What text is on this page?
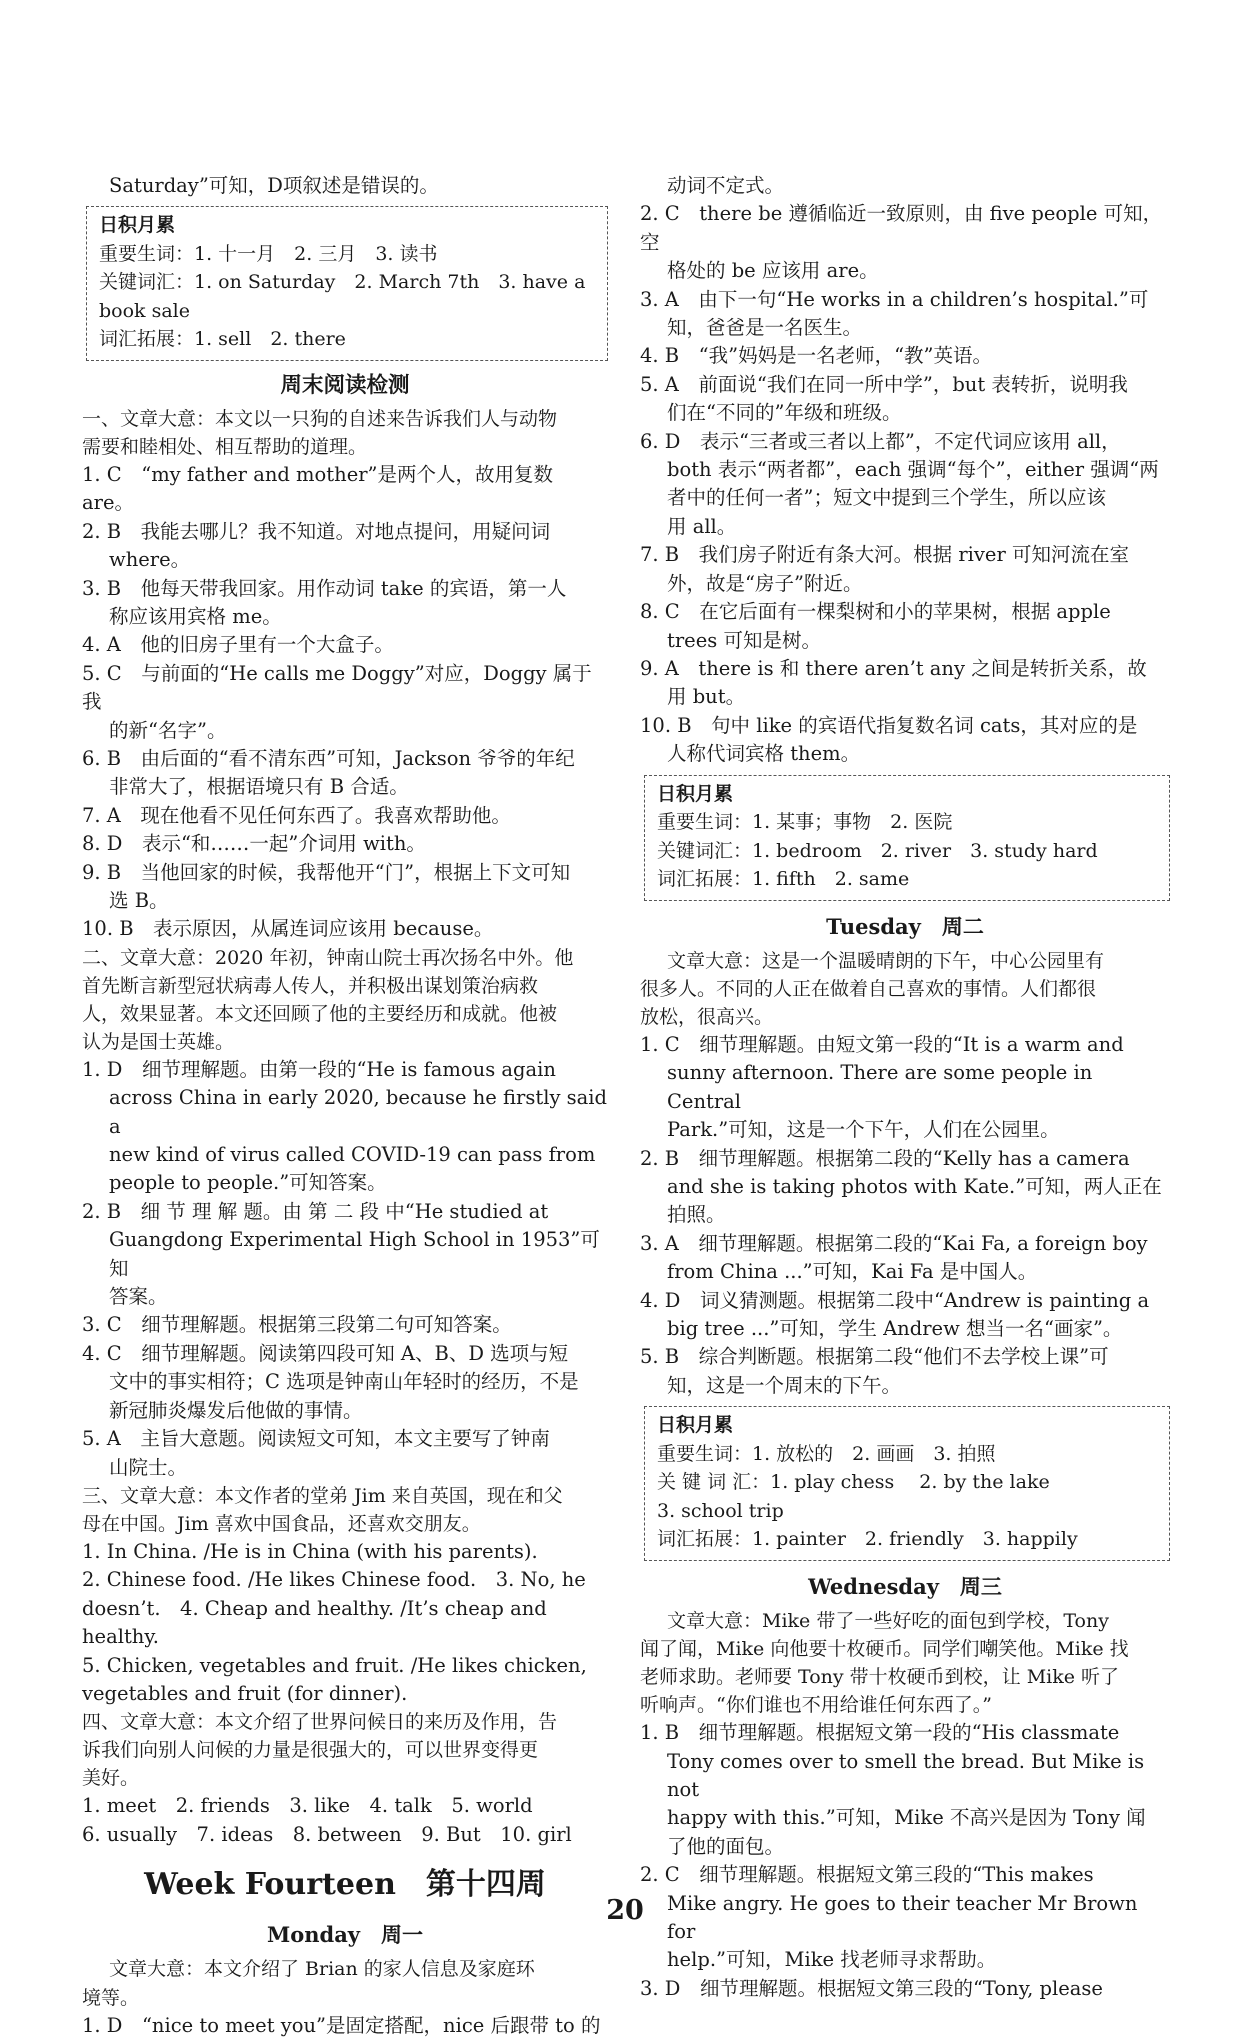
Saturday”可知，D项叙述是错误的。

日积月累

重要生词：1. 十一月　2. 三月　3. 读书

关键词汇：1. on Saturday　2. March 7th　3. have a

book sale

词汇拓展：1. sell　2. there

周末阅读检测

一、文章大意：本文以一只狗的自述来告诉我们人与动物

需要和睦相处、相互帮助的道理。

1. C　“my father and mother”是两个人，故用复数 are。

2. B　我能去哪儿？我不知道。对地点提问，用疑问词

where。

3. B　他每天带我回家。用作动词 take 的宾语，第一人

称应该用宾格 me。

4. A　他的旧房子里有一个大盒子。

5. C　与前面的“He calls me Doggy”对应，Doggy 属于我

的新“名字”。

6. B　由后面的“看不清东西”可知，Jackson 爷爷的年纪

非常大了，根据语境只有 B 合适。

7. A　现在他看不见任何东西了。我喜欢帮助他。

8. D　表示“和……一起”介词用 with。

9. B　当他回家的时候，我帮他开“门”，根据上下文可知

选 B。

10. B　表示原因，从属连词应该用 because。

二、文章大意：2020 年初，钟南山院士再次扬名中外。他

首先断言新型冠状病毒人传人，并积极出谋划策治病救

人，效果显著。本文还回顾了他的主要经历和成就。他被

认为是国士英雄。

1. D　细节理解题。由第一段的“He is famous again

across China in early 2020, because he firstly said a

new kind of virus called COVID-19 can pass from

people to people.”可知答案。

2. B　细 节 理 解 题。由 第 二 段 中“He studied at

Guangdong Experimental High School in 1953”可知

答案。

3. C　细节理解题。根据第三段第二句可知答案。

4. C　细节理解题。阅读第四段可知 A、B、D 选项与短

文中的事实相符；C 选项是钟南山年轻时的经历，不是

新冠肺炎爆发后他做的事情。

5. A　主旨大意题。阅读短文可知，本文主要写了钟南

山院士。

三、文章大意：本文作者的堂弟 Jim 来自英国，现在和父

母在中国。Jim 喜欢中国食品，还喜欢交朋友。

1. In China. /He is in China (with his parents).

2. Chinese food. /He likes Chinese food.　3. No, he

doesn’t.　4. Cheap and healthy. /It’s cheap and healthy.

5. Chicken, vegetables and fruit. /He likes chicken,

vegetables and fruit (for dinner).

四、文章大意：本文介绍了世界问候日的来历及作用，告

诉我们向别人问候的力量是很强大的，可以世界变得更

美好。

1. meet　2. friends　3. like　4. talk　5. world

6. usually　7. ideas　8. between　9. But　10. girl

Week Fourteen　第十四周
Monday　周一

文章大意：本文介绍了 Brian 的家人信息及家庭环

境等。

1. D　“nice to meet you”是固定搭配，nice 后跟带 to 的

动词不定式。

2. C　there be 遵循临近一致原则，由 five people 可知，空

格处的 be 应该用 are。

3. A　由下一句“He works in a children’s hospital.”可

知，爸爸是一名医生。

4. B　“我”妈妈是一名老师，“教”英语。

5. A　前面说“我们在同一所中学”，but 表转折，说明我

们在“不同的”年级和班级。

6. D　表示“三者或三者以上都”，不定代词应该用 all，

both 表示“两者都”，each 强调“每个”，either 强调“两

者中的任何一者”；短文中提到三个学生，所以应该

用 all。

7. B　我们房子附近有条大河。根据 river 可知河流在室

外，故是“房子”附近。

8. C　在它后面有一棵梨树和小的苹果树，根据 apple

trees 可知是树。

9. A　there is 和 there aren’t any 之间是转折关系，故

用 but。

10. B　句中 like 的宾语代指复数名词 cats，其对应的是

人称代词宾格 them。

日积月累

重要生词：1. 某事；事物　2. 医院

关键词汇：1. bedroom　2. river　3. study hard

词汇拓展：1. fifth　2. same

Tuesday　周二

文章大意：这是一个温暖晴朗的下午，中心公园里有

很多人。不同的人正在做着自己喜欢的事情。人们都很

放松，很高兴。

1. C　细节理解题。由短文第一段的“It is a warm and

sunny afternoon. There are some people in Central

Park.”可知，这是一个下午，人们在公园里。

2. B　细节理解题。根据第二段的“Kelly has a camera

and she is taking photos with Kate.”可知，两人正在

拍照。

3. A　细节理解题。根据第二段的“Kai Fa, a foreign boy

from China ...”可知，Kai Fa 是中国人。

4. D　词义猜测题。根据第二段中“Andrew is painting a

big tree ...”可知，学生 Andrew 想当一名“画家”。

5. B　综合判断题。根据第二段“他们不去学校上课”可

知，这是一个周末的下午。

日积月累

重要生词：1. 放松的　2. 画画　3. 拍照

关 键 词 汇：1. play chess　 2. by the lake

3. school trip

词汇拓展：1. painter　2. friendly　3. happily

Wednesday　周三

文章大意：Mike 带了一些好吃的面包到学校，Tony

闻了闻，Mike 向他要十枚硬币。同学们嘲笑他。Mike 找

老师求助。老师要 Tony 带十枚硬币到校，让 Mike 听了

听响声。“你们谁也不用给谁任何东西了。”

1. B　细节理解题。根据短文第一段的“His classmate

Tony comes over to smell the bread. But Mike is not

happy with this.”可知，Mike 不高兴是因为 Tony 闻

了他的面包。

2. C　细节理解题。根据短文第三段的“This makes

Mike angry. He goes to their teacher Mr Brown for

help.”可知，Mike 找老师寻求帮助。

3. D　细节理解题。根据短文第三段的“Tony, please

20
